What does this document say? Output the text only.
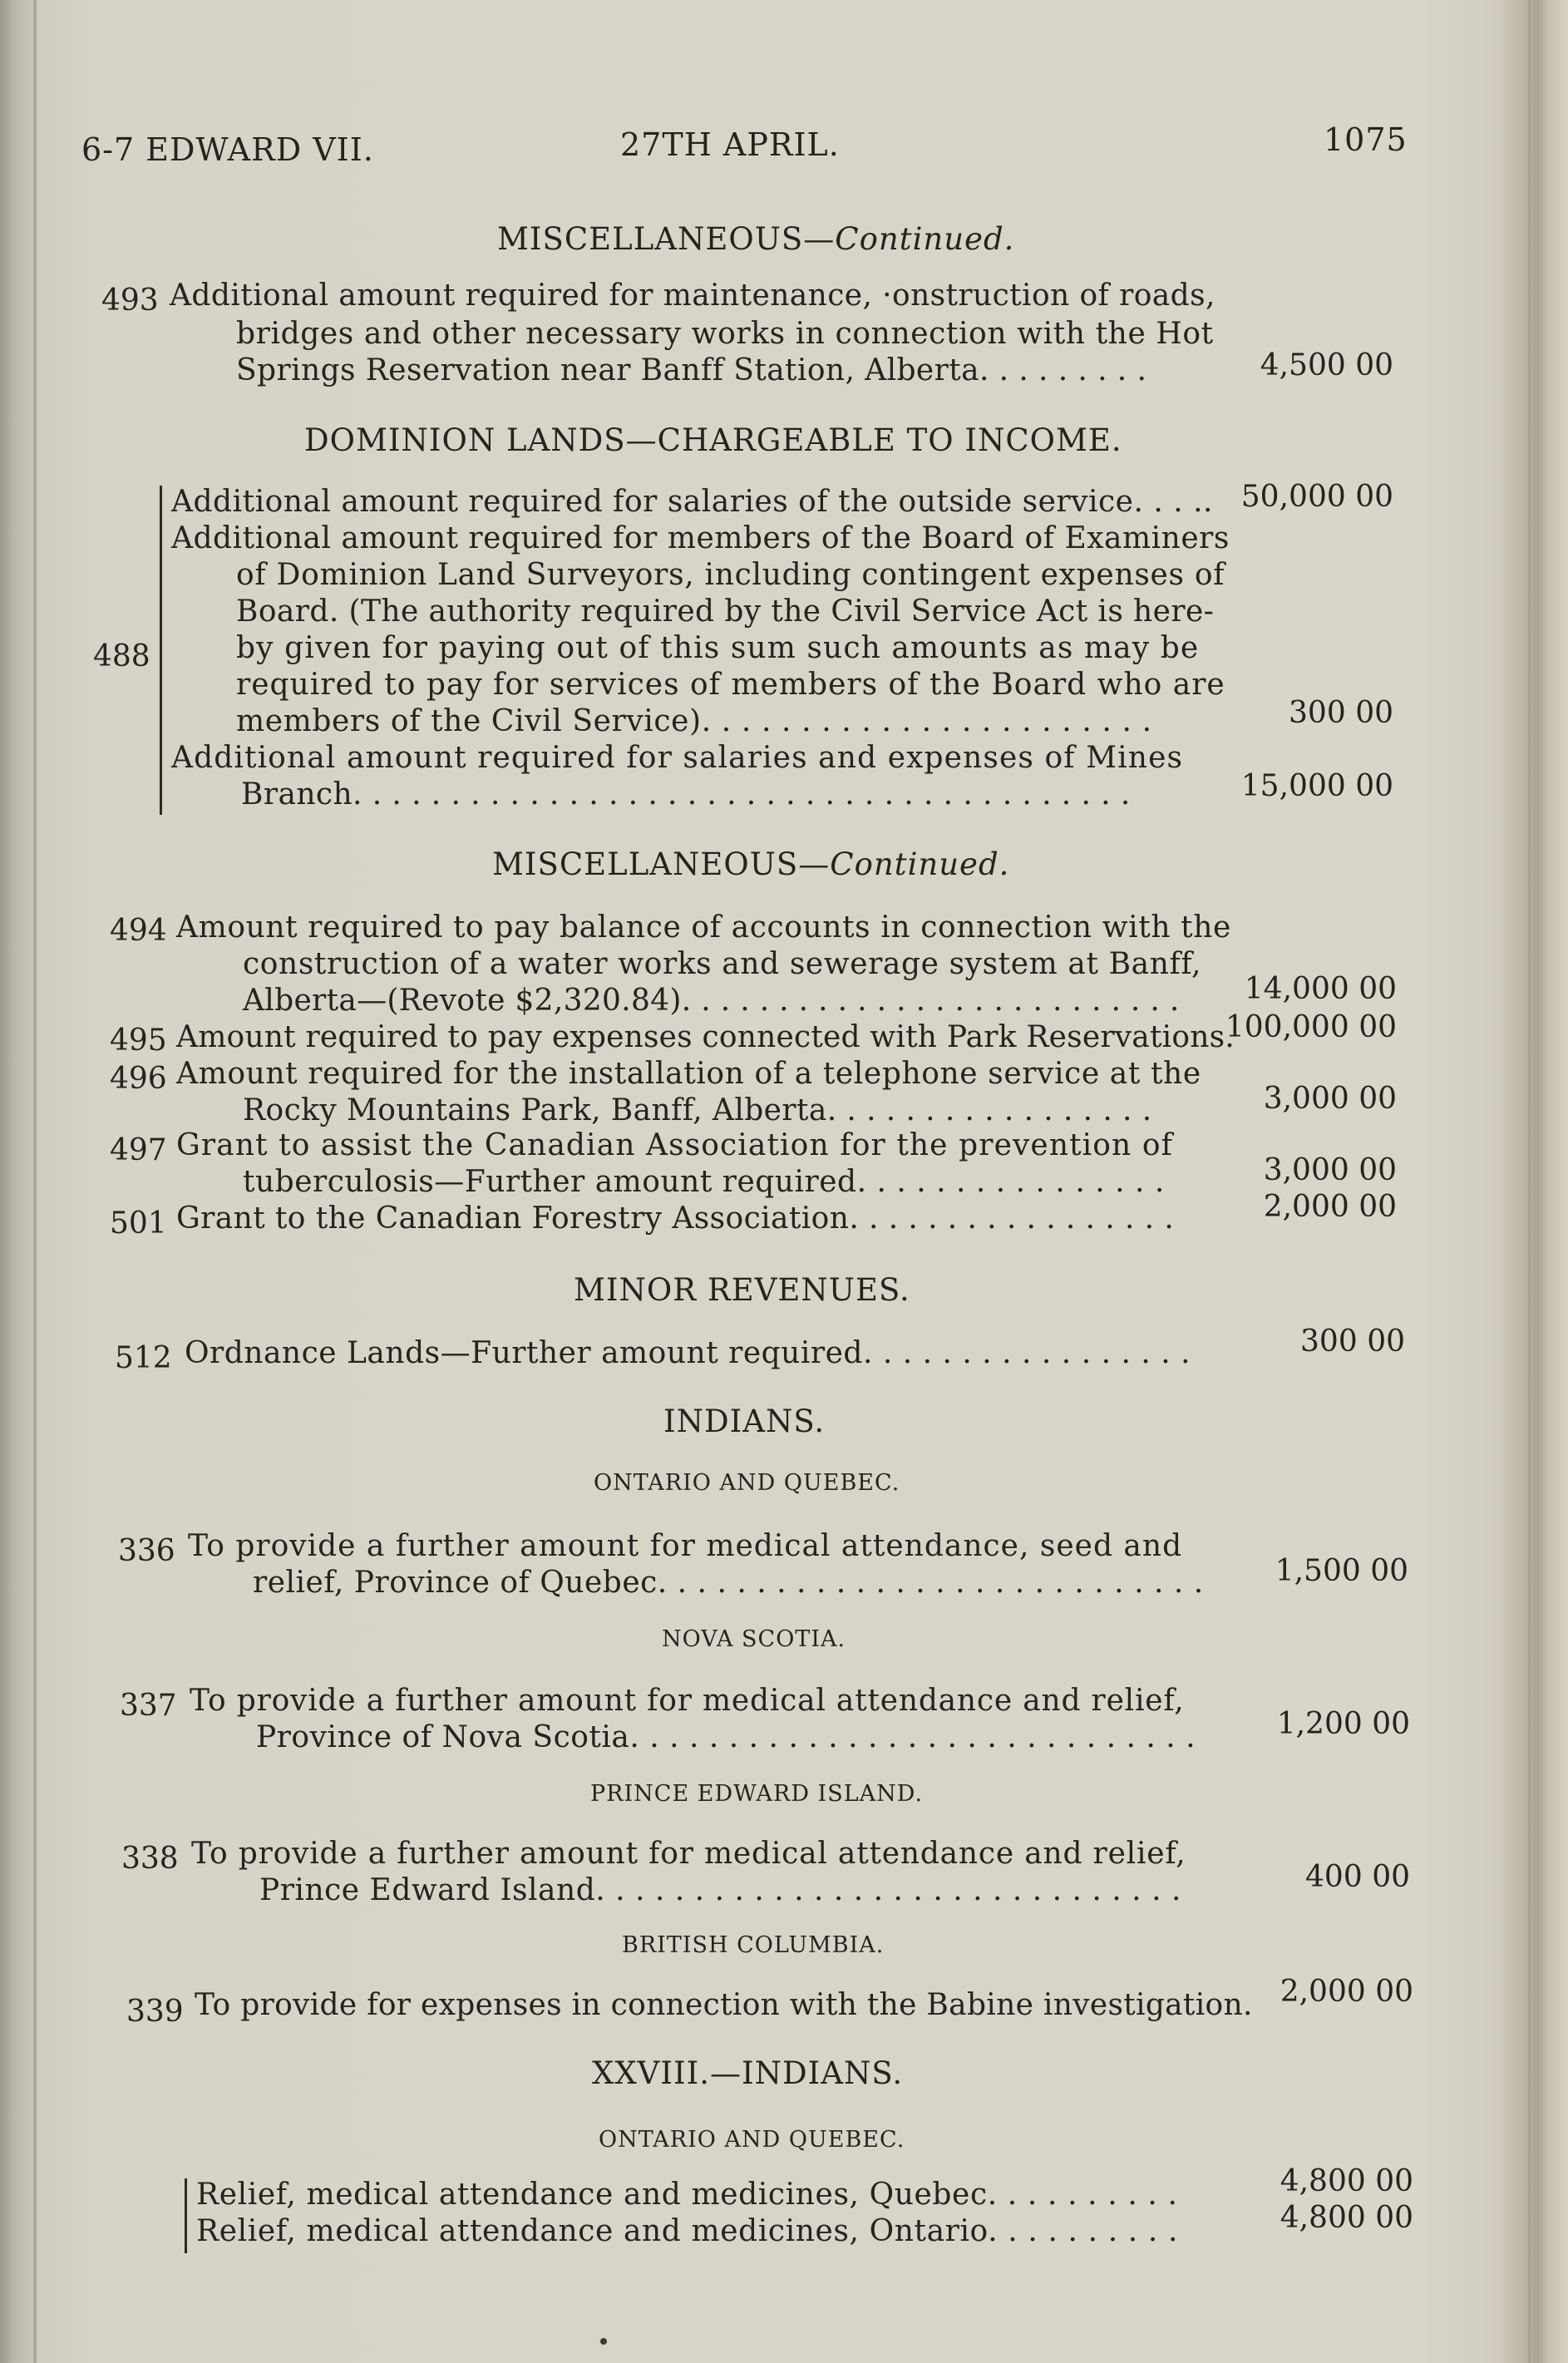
6-7 EDWARD VII.	27TH APRIL.	1075
MISCELLANEOUS—Continued.
493 Additional amount required for maintenance, ·onstruction of roads,
bridges and other necessary works in connection with the Hot
Springs Reservation near Banff Station, Alberta. . . . . . . . .	4,500 00
DOMINION LANDS—CHARGEABLE TO INCOME.
488
Additional amount required for salaries of the outside service. . . .. 50,000 00
Additional amount required for members of the Board of Examiners
of Dominion Land Surveyors, including contingent expenses of
Board. (The authority required by the Civil Service Act is here-
by given for paying out of this sum such amounts as may be
required to pay for services of members of the Board who are
members of the Civil Service). . . . . . . . . . . . . . . . . . . . . . .	300 00
Additional amount required for salaries and expenses of Mines
Branch. . . . . . . . . . . . . . . . . . . . . . . . . . . . . . . . . . . . . . . .	15,000 00
MISCELLANEOUS—Continued.
494 Amount required to pay balance of accounts in connection with the
construction of a water works and sewerage system at Banff,
Alberta—(Revote $2,320.84). . . . . . . . . . . . . . . . . . . . . . . . . .	14,000 00
495 Amount required to pay expenses connected with Park Reservations.
100,000 00
496 Amount required for the installation of a telephone service at the
Rocky Mountains Park, Banff, Alberta. . . . . . . . . . . . . . . . .	3,000 00
497 Grant to assist the Canadian Association for the prevention of
tuberculosis—Further amount required. . . . . . . . . . . . . . . .	3,000 00
501 Grant to the Canadian Forestry Association. . . . . . . . . . . . . . . . .	2,000 00
MINOR REVENUES.
512 Ordnance Lands—Further amount required. . . . . . . . . . . . . . . . .	300 00
INDIANS.
ONTARIO AND QUEBEC.
336 To provide a further amount for medical attendance, seed and
relief, Province of Quebec. . . . . . . . . . . . . . . . . . . . . . . . . . . .	1,500 00
NOVA SCOTIA.
337 To provide a further amount for medical attendance and relief,
Province of Nova Scotia. . . . . . . . . . . . . . . . . . . . . . . . . . . . .	1,200 00
PRINCE EDWARD ISLAND.
338 To provide a further amount for medical attendance and relief,
Prince Edward Island. . . . . . . . . . . . . . . . . . . . . . . . . . . . . .	400 00
BRITISH COLUMBIA.
339 To provide for expenses in connection with the Babine investigation. 2,000 00
XXVIII.—INDIANS.
ONTARIO AND QUEBEC.
Relief, medical attendance and medicines, Quebec. . . . . . . . . .	4,800 00
Relief, medical attendance and medicines, Ontario. . . . . . . . . .	4,800 00
